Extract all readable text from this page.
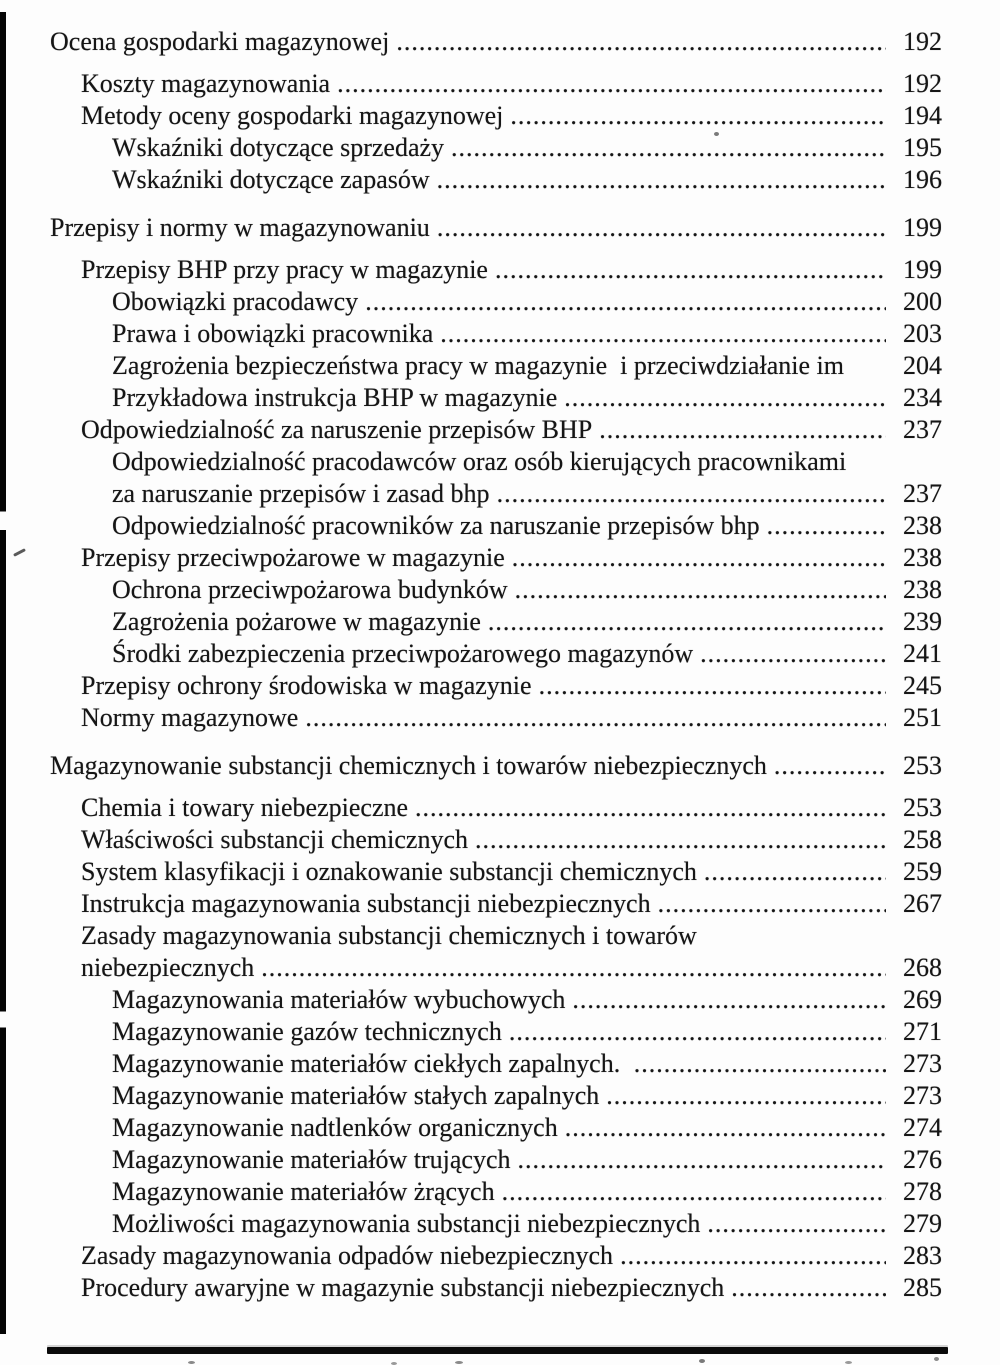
Ocena gospodarki magazynowej .....	192
Koszty magazynowania .....	192
Metody oceny gospodarki magazynowej .....	194
Wskaźniki dotyczące sprzedaży .....	195
Wskaźniki dotyczące zapasów .....	196
Przepisy i normy w magazynowaniu .....	199
Przepisy BHP przy pracy w magazynie .....	199
Obowiązki pracodawcy .....	200
Prawa i obowiązki pracownika .....	203
Zagrożenia bezpieczeństwa pracy w magazynie  i przeciwdziałanie im	204
Przykładowa instrukcja BHP w magazynie .....	234
Odpowiedzialność za naruszenie przepisów BHP .....	237
Odpowiedzialność pracodawców oraz osób kierujących pracownikami
za naruszanie przepisów i zasad bhp .....	237
Odpowiedzialność pracowników za naruszanie przepisów bhp .....	238
Przepisy przeciwpożarowe w magazynie .....	238
Ochrona przeciwpożarowa budynków .....	238
Zagrożenia pożarowe w magazynie .....	239
Środki zabezpieczenia przeciwpożarowego magazynów .....	241
Przepisy ochrony środowiska w magazynie .....	245
Normy magazynowe .....	251
Magazynowanie substancji chemicznych i towarów niebezpiecznych .....	253
Chemia i towary niebezpieczne .....	253
Właściwości substancji chemicznych .....	258
System klasyfikacji i oznakowanie substancji chemicznych .....	259
Instrukcja magazynowania substancji niebezpiecznych .....	267
Zasady magazynowania substancji chemicznych i towarów
niebezpiecznych .....	268
Magazynowania materiałów wybuchowych .....	269
Magazynowanie gazów technicznych .....	271
Magazynowanie materiałów ciekłych zapalnych. .....	273
Magazynowanie materiałów stałych zapalnych .....	273
Magazynowanie nadtlenków organicznych .....	274
Magazynowanie materiałów trujących .....	276
Magazynowanie materiałów żrących .....	278
Możliwości magazynowania substancji niebezpiecznych .....	279
Zasady magazynowania odpadów niebezpiecznych .....	283
Procedury awaryjne w magazynie substancji niebezpiecznych .....	285
